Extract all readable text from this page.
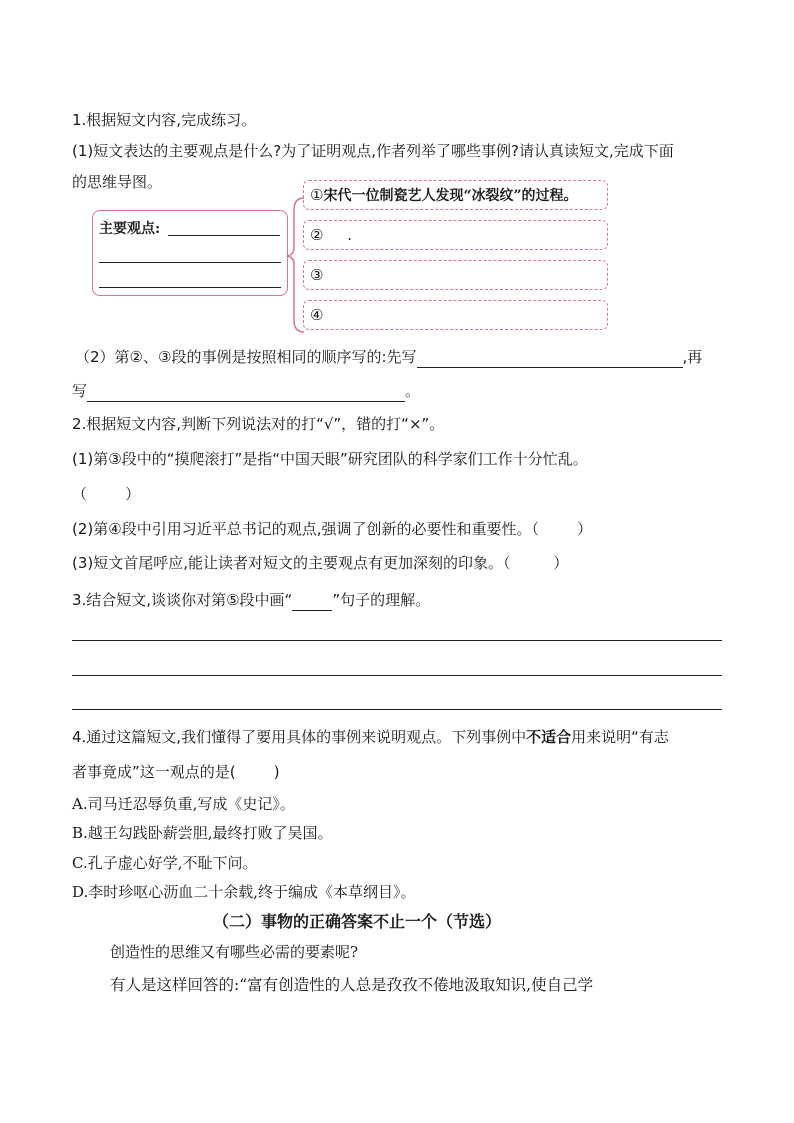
1.根据短文内容,完成练习。
(1)短文表达的主要观点是什么?为了证明观点,作者列举了哪些事例?请认真读短文,完成下面
的思维导图。
主要观点:
①宋代一位制瓷艺人发现“冰裂纹”的过程。
②     .
③
④
（2）第②、③段的事例是按照相同的顺序写的:先写	,再
写	。
2.根据短文内容,判断下列说法对的打“√”，错的打“×”。
(1)第③段中的“摸爬滚打”是指“中国天眼”研究团队的科学家们工作十分忙乱。
（        ）
(2)第④段中引用习近平总书记的观点,强调了创新的必要性和重要性。（        ）
(3)短文首尾呼应,能让读者对短文的主要观点有更加深刻的印象。（         ）
3.结合短文,谈谈你对第⑤段中画“	”句子的理解。
4.通过这篇短文,我们懂得了要用具体的事例来说明观点。下列事例中不适合用来说明“有志
者事竟成”这一观点的是(        )
A.司马迁忍辱负重,写成《史记》。
B.越王勾践卧薪尝胆,最终打败了吴国。
C.孔子虚心好学,不耻下问。
D.李时珍呕心沥血二十余载,终于编成《本草纲目》。
（二）事物的正确答案不止一个（节选）
创造性的思维又有哪些必需的要素呢?
有人是这样回答的:“富有创造性的人总是孜孜不倦地汲取知识,使自己学
